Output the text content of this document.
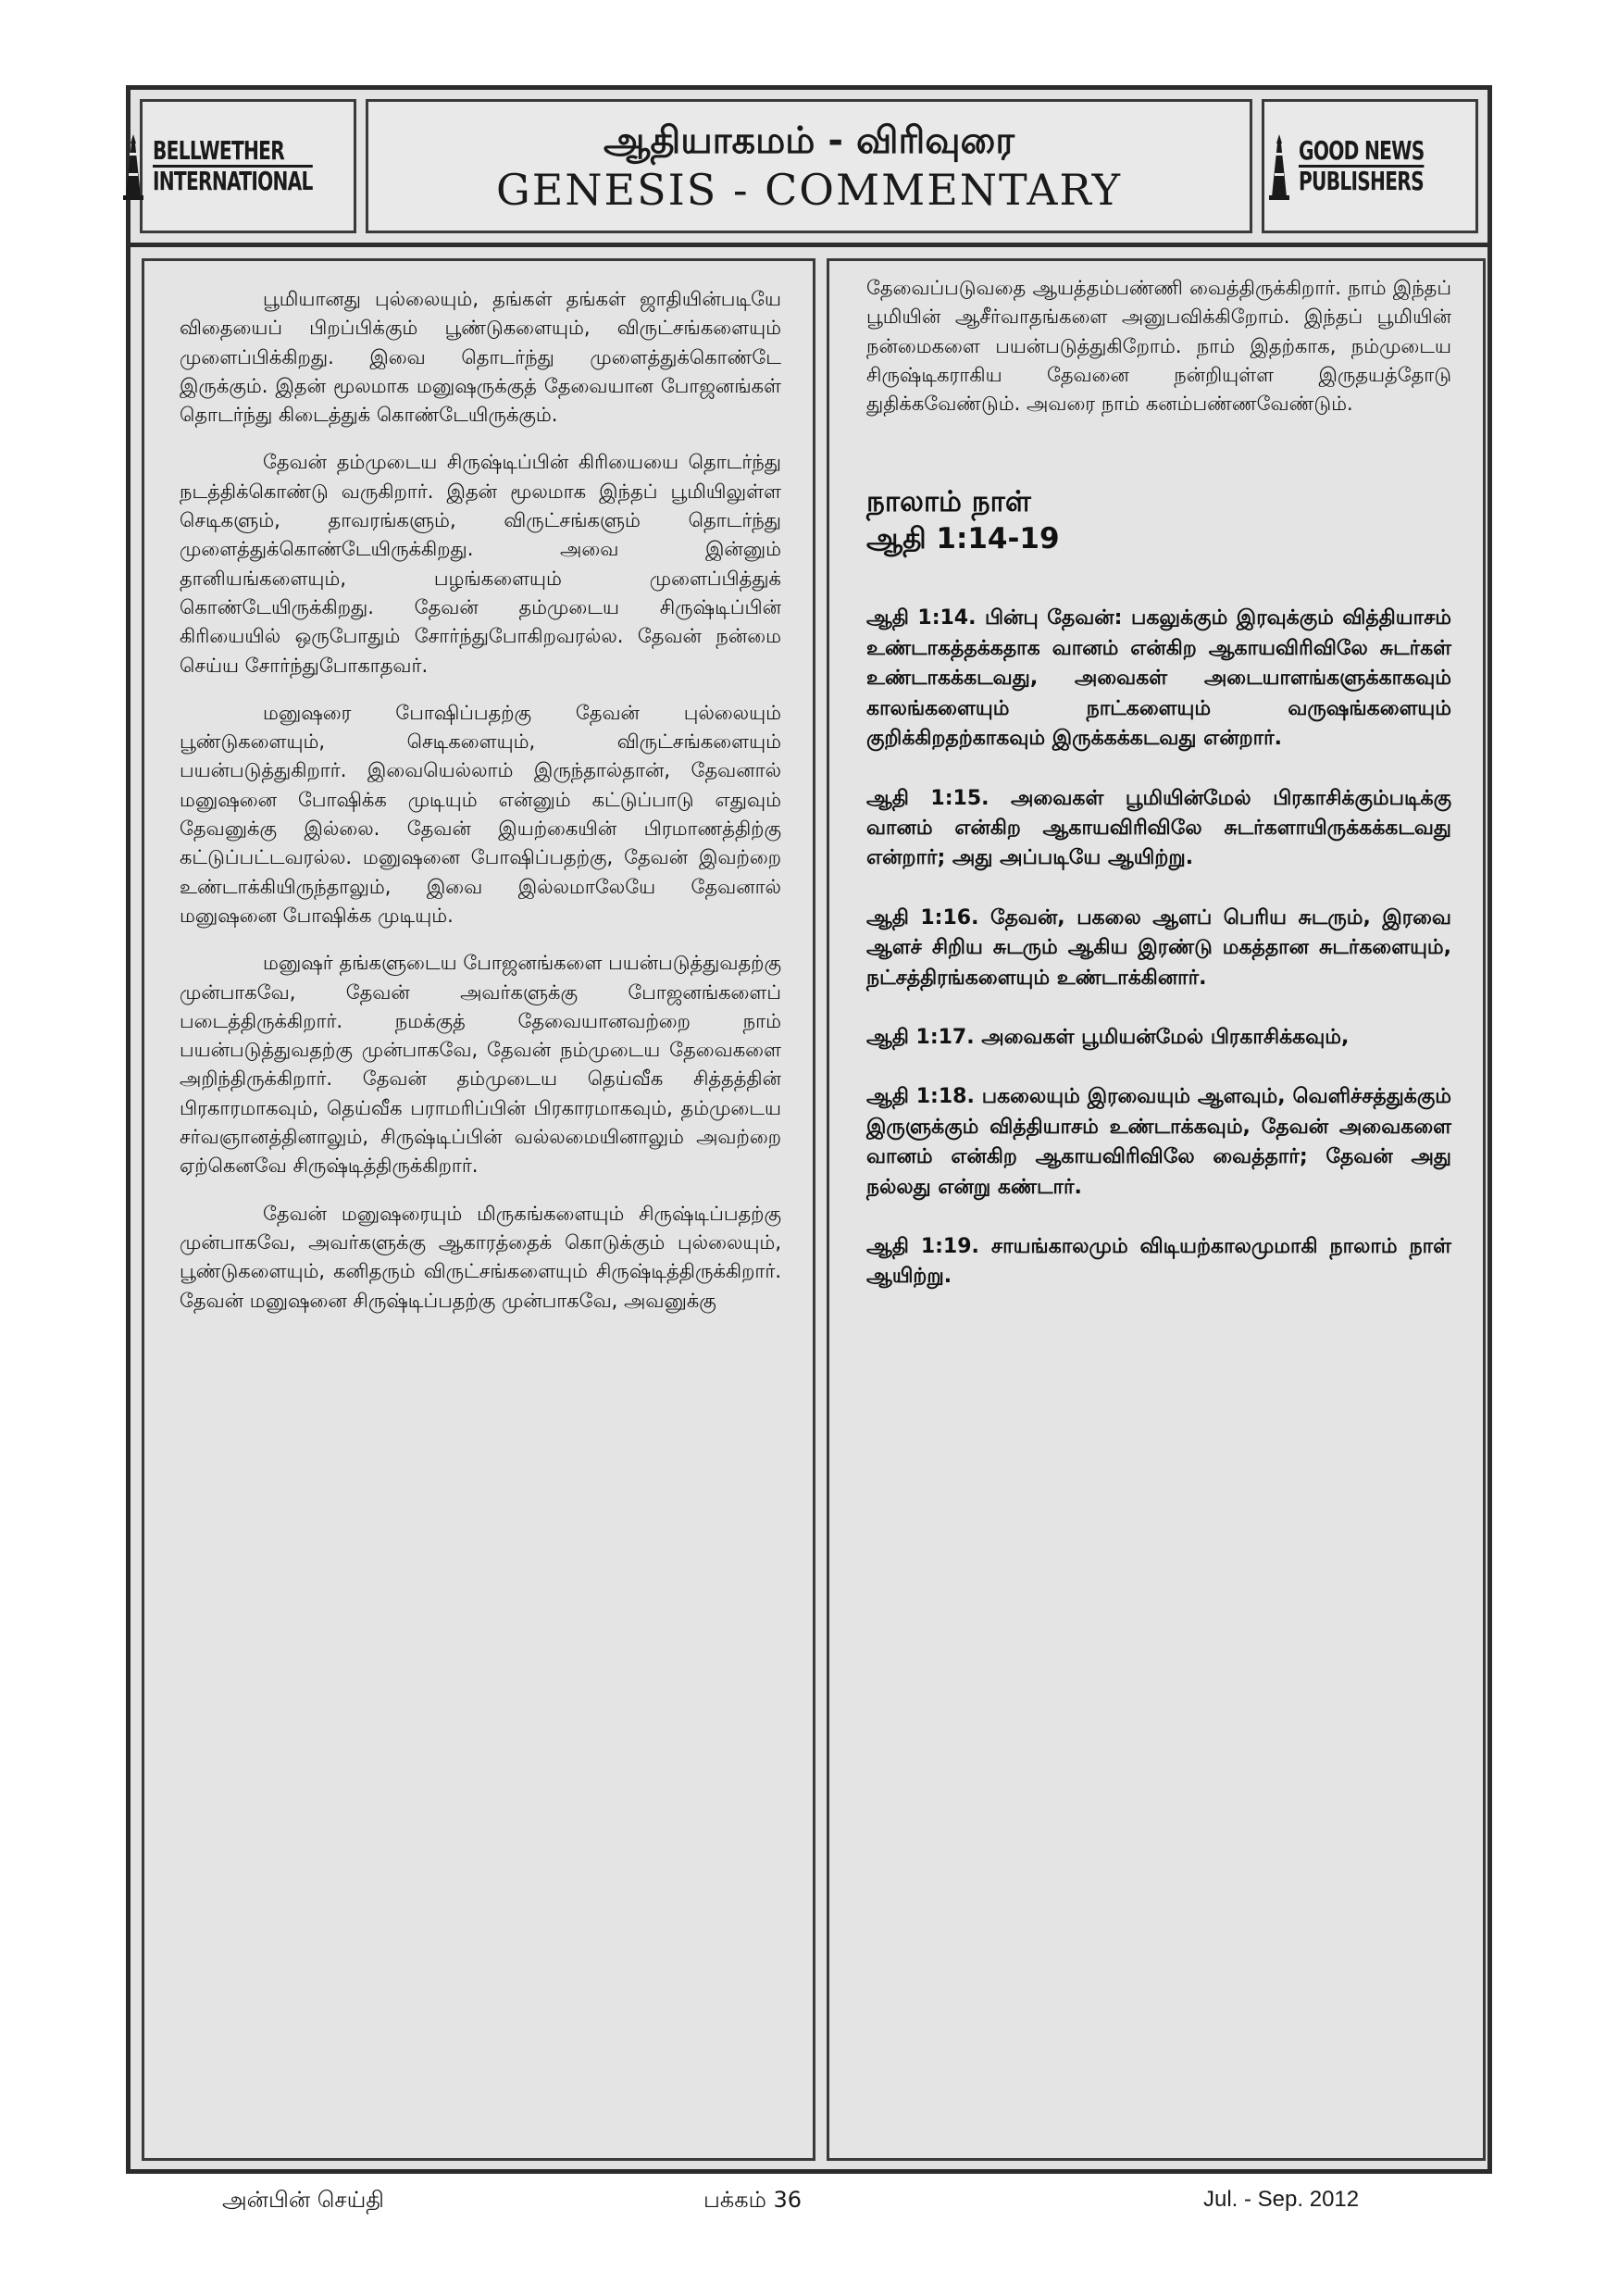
BELLWETHER
INTERNATIONAL
ஆதியாகமம் - விரிவுரை
GENESIS - COMMENTARY
GOOD NEWS
PUBLISHERS

பூமியானது புல்லையும், தங்கள் தங்கள் ஜாதியின்படியே விதையைப் பிறப்பிக்கும் பூண்டுகளையும், விருட்சங்களையும் முளைப்பிக்கிறது. இவை தொடர்ந்து முளைத்துக்கொண்டே இருக்கும். இதன் மூலமாக மனுஷருக்குத் தேவையான போஜனங்கள் தொடர்ந்து கிடைத்துக் கொண்டேயிருக்கும்.

தேவன் தம்முடைய சிருஷ்டிப்பின் கிரியையை தொடர்ந்து நடத்திக்கொண்டு வருகிறார். இதன் மூலமாக இந்தப் பூமியிலுள்ள செடிகளும், தாவரங்களும், விருட்சங்களும் தொடர்ந்து முளைத்துக்கொண்டேயிருக்கிறது. அவை இன்னும் தானியங்களையும், பழங்களையும் முளைப்பித்துக் கொண்டேயிருக்கிறது. தேவன் தம்முடைய சிருஷ்டிப்பின் கிரியையில் ஒருபோதும் சோர்ந்துபோகிறவரல்ல. தேவன் நன்மை செய்ய சோர்ந்துபோகாதவர்.

மனுஷரை போஷிப்பதற்கு தேவன் புல்லையும் பூண்டுகளையும், செடிகளையும், விருட்சங்களையும் பயன்படுத்துகிறார். இவையெல்லாம் இருந்தால்தான், தேவனால் மனுஷனை போஷிக்க முடியும் என்னும் கட்டுப்பாடு எதுவும் தேவனுக்கு இல்லை. தேவன் இயற்கையின் பிரமாணத்திற்கு கட்டுப்பட்டவரல்ல. மனுஷனை போஷிப்பதற்கு, தேவன் இவற்றை உண்டாக்கியிருந்தாலும், இவை இல்லமாலேயே தேவனால் மனுஷனை போஷிக்க முடியும்.

மனுஷர் தங்களுடைய போஜனங்களை பயன்படுத்துவதற்கு முன்பாகவே, தேவன் அவர்களுக்கு போஜனங்களைப் படைத்திருக்கிறார். நமக்குத் தேவையானவற்றை நாம் பயன்படுத்துவதற்கு முன்பாகவே, தேவன் நம்முடைய தேவைகளை அறிந்திருக்கிறார். தேவன் தம்முடைய தெய்வீக சித்தத்தின் பிரகாரமாகவும், தெய்வீக பராமரிப்பின் பிரகாரமாகவும், தம்முடைய சர்வஞானத்தினாலும், சிருஷ்டிப்பின் வல்லமையினாலும் அவற்றை ஏற்கெனவே சிருஷ்டித்திருக்கிறார்.

தேவன் மனுஷரையும் மிருகங்களையும் சிருஷ்டிப்பதற்கு முன்பாகவே, அவர்களுக்கு ஆகாரத்தைக் கொடுக்கும் புல்லையும், பூண்டுகளையும், கனிதரும் விருட்சங்களையும் சிருஷ்டித்திருக்கிறார். தேவன் மனுஷனை சிருஷ்டிப்பதற்கு முன்பாகவே, அவனுக்கு

தேவைப்படுவதை ஆயத்தம்பண்ணி வைத்திருக்கிறார். நாம் இந்தப் பூமியின் ஆசீர்வாதங்களை அனுபவிக்கிறோம். இந்தப் பூமியின் நன்மைகளை பயன்படுத்துகிறோம். நாம் இதற்காக, நம்முடைய சிருஷ்டிகராகிய தேவனை நன்றியுள்ள இருதயத்தோடு துதிக்கவேண்டும். அவரை நாம் கனம்பண்ணவேண்டும்.

நாலாம் நாள்
ஆதி 1:14-19

ஆதி 1:14. பின்பு தேவன்: பகலுக்கும் இரவுக்கும் வித்தியாசம் உண்டாகத்தக்கதாக வானம் என்கிற ஆகாயவிரிவிலே சுடர்கள் உண்டாகக்கடவது, அவைகள் அடையாளங்களுக்காகவும் காலங்களையும் நாட்களையும் வருஷங்களையும் குறிக்கிறதற்காகவும் இருக்கக்கடவது என்றார்.

ஆதி 1:15. அவைகள் பூமியின்மேல் பிரகாசிக்கும்படிக்கு வானம் என்கிற ஆகாயவிரிவிலே சுடர்களாயிருக்கக்கடவது என்றார்; அது அப்படியே ஆயிற்று.

ஆதி 1:16. தேவன், பகலை ஆளப் பெரிய சுடரும், இரவை ஆளச் சிறிய சுடரும் ஆகிய இரண்டு மகத்தான சுடர்களையும், நட்சத்திரங்களையும் உண்டாக்கினார்.

ஆதி 1:17. அவைகள் பூமியன்மேல் பிரகாசிக்கவும்,

ஆதி 1:18. பகலையும் இரவையும் ஆளவும், வெளிச்சத்துக்கும் இருளுக்கும் வித்தியாசம் உண்டாக்கவும், தேவன் அவைகளை வானம் என்கிற ஆகாயவிரிவிலே வைத்தார்; தேவன் அது நல்லது என்று கண்டார்.

ஆதி 1:19. சாயங்காலமும் விடியற்காலமுமாகி நாலாம் நாள் ஆயிற்று.

அன்பின் செய்தி	பக்கம் 36	Jul. - Sep. 2012
